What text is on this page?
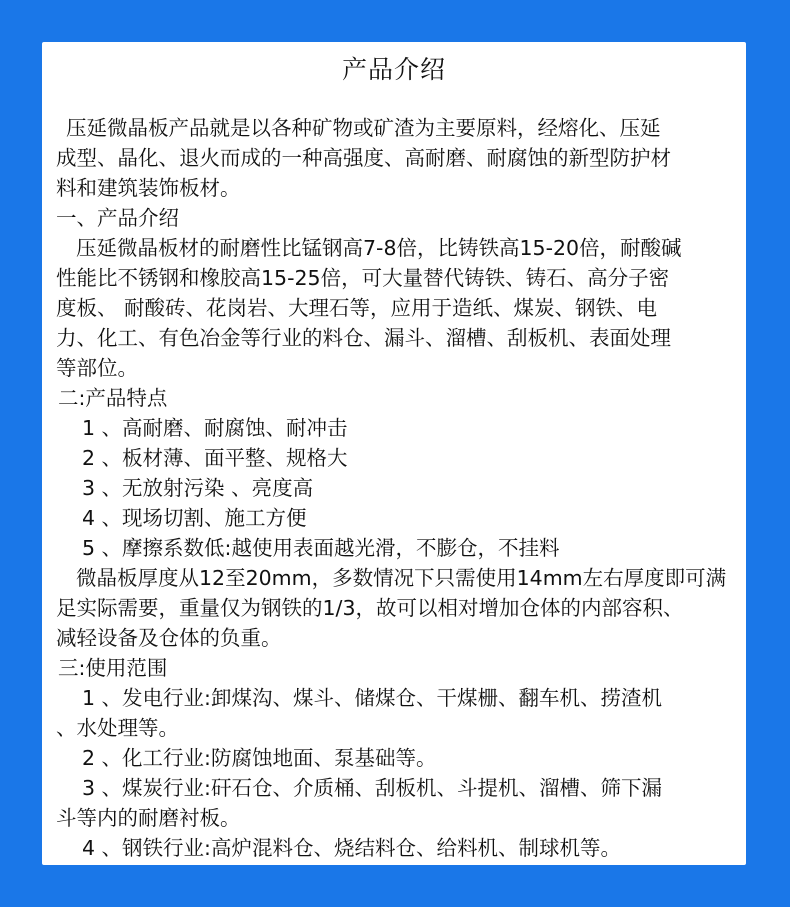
产品介绍
压延微晶板产品就是以各种矿物或矿渣为主要原料，经熔化、压延
成型、晶化、退火而成的一种高强度、高耐磨、耐腐蚀的新型防护材
料和建筑装饰板材。
一、产品介绍
压延微晶板材的耐磨性比锰钢高7-8倍，比铸铁高15-20倍，耐酸碱
性能比不锈钢和橡胶高15-25倍，可大量替代铸铁、铸石、高分子密
度板、 耐酸砖、花岗岩、大理石等，应用于造纸、煤炭、钢铁、电
力、化工、有色冶金等行业的料仓、漏斗、溜槽、刮板机、表面处理
等部位。
二:产品特点
1 、高耐磨、耐腐蚀、耐冲击
2 、板材薄、面平整、规格大
3 、无放射污染 、亮度高
4 、现场切割、施工方便
5 、摩擦系数低:越使用表面越光滑，不膨仓，不挂料
微晶板厚度从12至20mm，多数情况下只需使用14mm左右厚度即可满
足实际需要，重量仅为钢铁的1/3，故可以相对增加仓体的内部容积、
减轻设备及仓体的负重。
三:使用范围
1 、发电行业:卸煤沟、煤斗、储煤仓、干煤栅、翻车机、捞渣机
、水处理等。
2 、化工行业:防腐蚀地面、泵基础等。
3 、煤炭行业:矸石仓、介质桶、刮板机、斗提机、溜槽、筛下漏
斗等内的耐磨衬板。
4 、钢铁行业:高炉混料仓、烧结料仓、给料机、制球机等。
